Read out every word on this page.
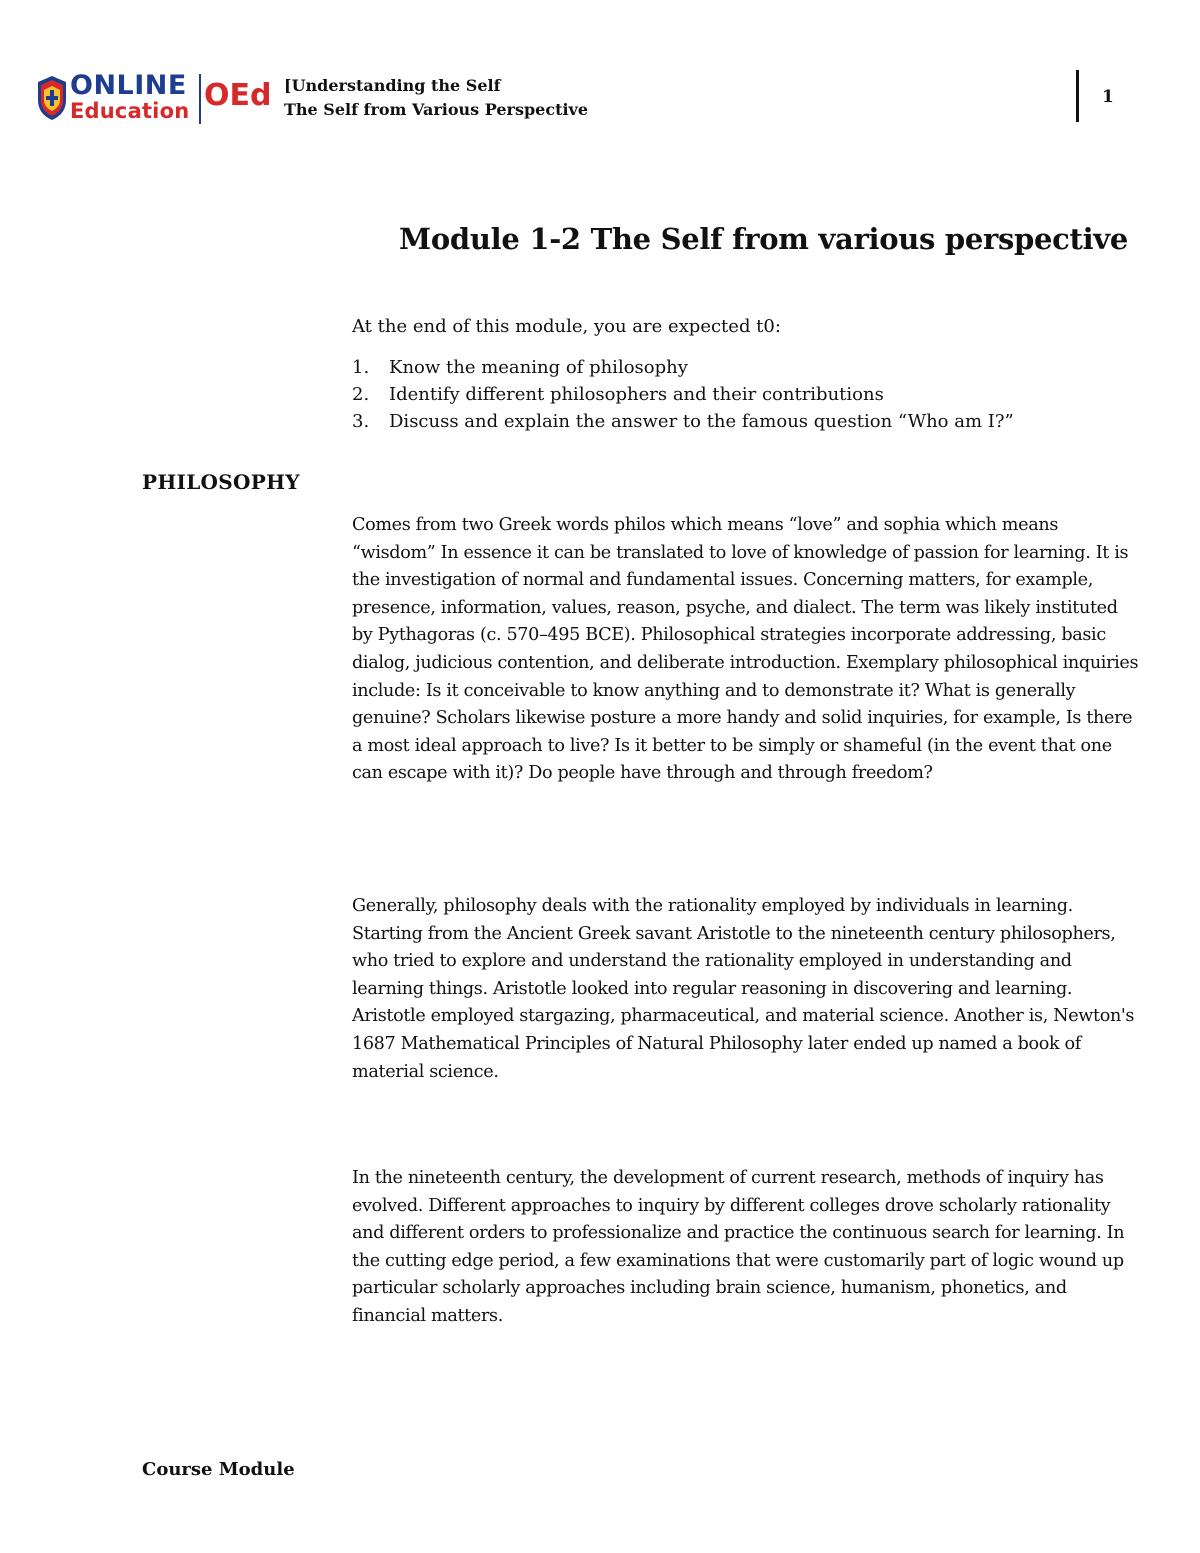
ONLINE
Education OEd [Understanding the Self
The Self from Various Perspective
1
Module 1-2 The Self from various perspective
At the end of this module, you are expected t0:
1. Know the meaning of philosophy
2. Identify different philosophers and their contributions
3. Discuss and explain the answer to the famous question “Who am I?”
PHILOSOPHY

Comes from two Greek words philos which means “love” and sophia which means “wisdom” In essence it can be translated to love of knowledge of passion for learning. It is the investigation of normal and fundamental issues. Concerning matters, for example, presence, information, values, reason, psyche, and dialect. The term was likely instituted by Pythagoras (c. 570–495 BCE). Philosophical strategies incorporate addressing, basic dialog, judicious contention, and deliberate introduction. Exemplary philosophical inquiries include: Is it conceivable to know anything and to demonstrate it? What is generally genuine? Scholars likewise posture a more handy and solid inquiries, for example, Is there a most ideal approach to live? Is it better to be simply or shameful (in the event that one can escape with it)? Do people have through and through freedom?

Generally, philosophy deals with the rationality employed by individuals in learning. Starting from the Ancient Greek savant Aristotle to the nineteenth century philosophers, who tried to explore and understand the rationality employed in understanding and learning things. Aristotle looked into regular reasoning in discovering and learning. Aristotle employed stargazing, pharmaceutical, and material science. Another is, Newton's 1687 Mathematical Principles of Natural Philosophy later ended up named a book of material science.

In the nineteenth century, the development of current research, methods of inquiry has evolved. Different approaches to inquiry by different colleges drove scholarly rationality and different orders to professionalize and practice the continuous search for learning. In the cutting edge period, a few examinations that were customarily part of logic wound up particular scholarly approaches including brain science, humanism, phonetics, and financial matters.

Course Module
